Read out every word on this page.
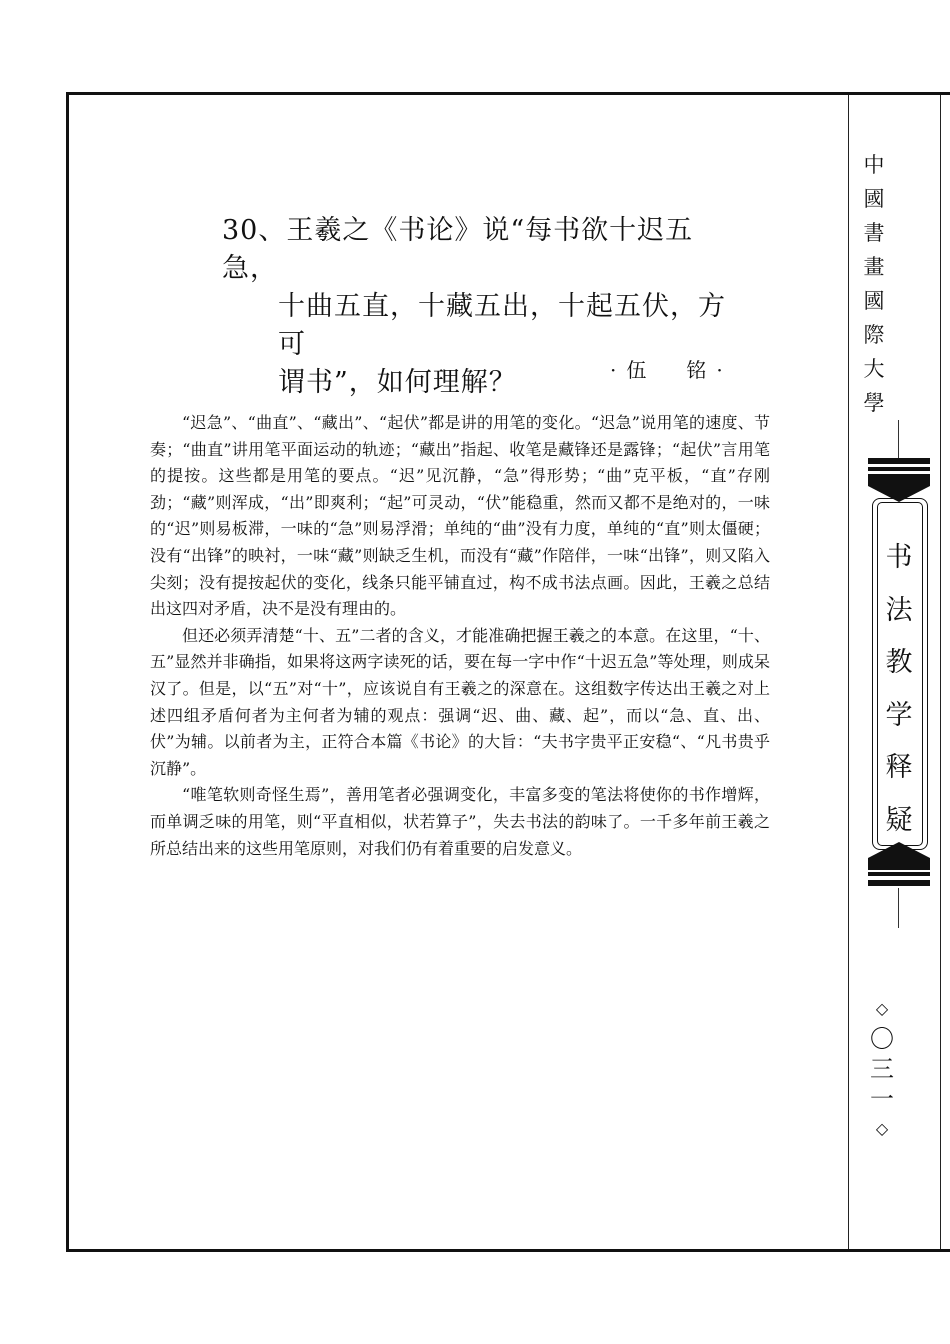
30、王羲之《书论》说“每书欲十迟五急，
十曲五直，十藏五出，十起五伏，方可
谓书”，如何理解？	·伍　铭·

“迟急”、“曲直”、“藏出”、“起伏”都是讲的用笔的变化。“迟急”说用笔的速度、节奏；“曲直”讲用笔平面运动的轨迹；“藏出”指起、收笔是藏锋还是露锋；“起伏”言用笔的提按。这些都是用笔的要点。“迟”见沉静，“急”得形势；“曲”克平板，“直”存刚劲；“藏”则浑成，“出”即爽利；“起”可灵动，“伏”能稳重，然而又都不是绝对的，一味的“迟”则易板滞，一味的“急”则易浮滑；单纯的“曲”没有力度，单纯的“直”则太僵硬；没有“出锋”的映衬，一味“藏”则缺乏生机，而没有“藏”作陪伴，一味“出锋”，则又陷入尖刻；没有提按起伏的变化，线条只能平铺直过，构不成书法点画。因此，王羲之总结出这四对矛盾，决不是没有理由的。

但还必须弄清楚“十、五”二者的含义，才能准确把握王羲之的本意。在这里，“十、五”显然并非确指，如果将这两字读死的话，要在每一字中作“十迟五急”等处理，则成呆汉了。但是，以“五”对“十”，应该说自有王羲之的深意在。这组数字传达出王羲之对上述四组矛盾何者为主何者为辅的观点：强调“迟、曲、藏、起”，而以“急、直、出、伏”为辅。以前者为主，正符合本篇《书论》的大旨：“夫书字贵平正安稳“、“凡书贵乎沉静”。

“唯笔软则奇怪生焉”，善用笔者必强调变化，丰富多变的笔法将使你的书作增辉，而单调乏味的用笔，则“平直相似，状若算子”，失去书法的韵味了。一千多年前王羲之所总结出来的这些用笔原则，对我们仍有着重要的启发意义。

中
國
書
畫
國
際
大
學
书
法
教
学
释
疑
◇
〇
三
一
◇
